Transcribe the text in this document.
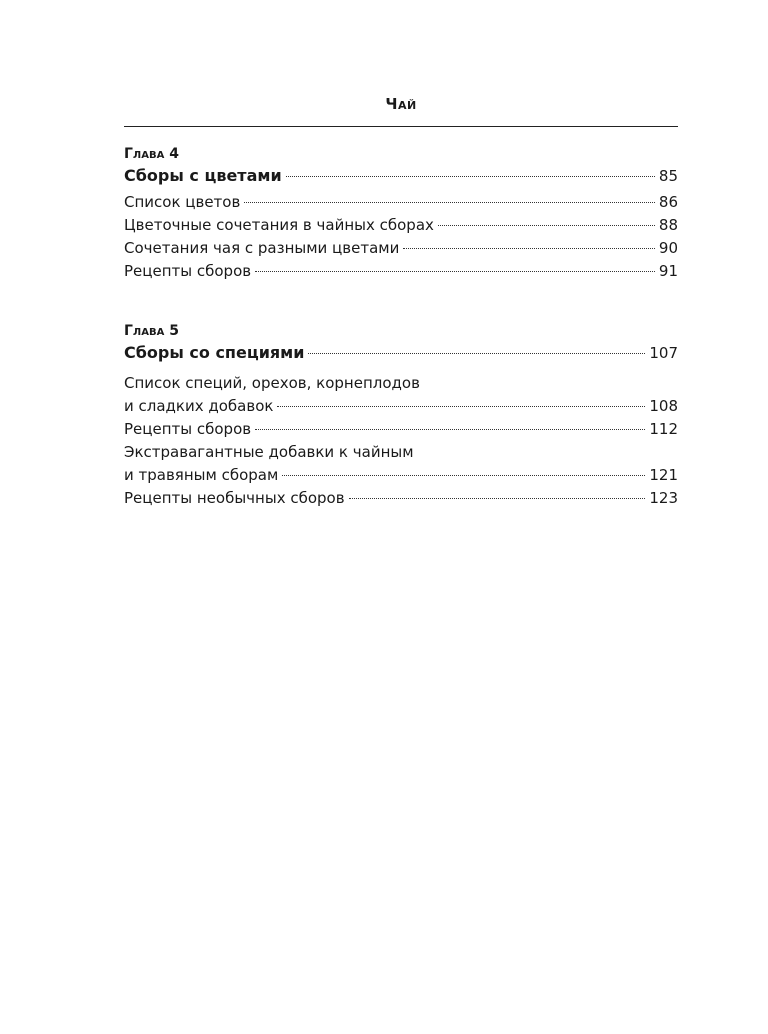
Чай
Глава 4
Сборы с цветами	85
Список цветов	86
Цветочные сочетания в чайных сборах	88
Сочетания чая с разными цветами	90
Рецепты сборов	91
Глава 5
Сборы со специями	107
Список специй, орехов, корнеплодов
и сладких добавок	108
Рецепты сборов	112
Экстравагантные добавки к чайным
и травяным сборам	121
Рецепты необычных сборов	123
